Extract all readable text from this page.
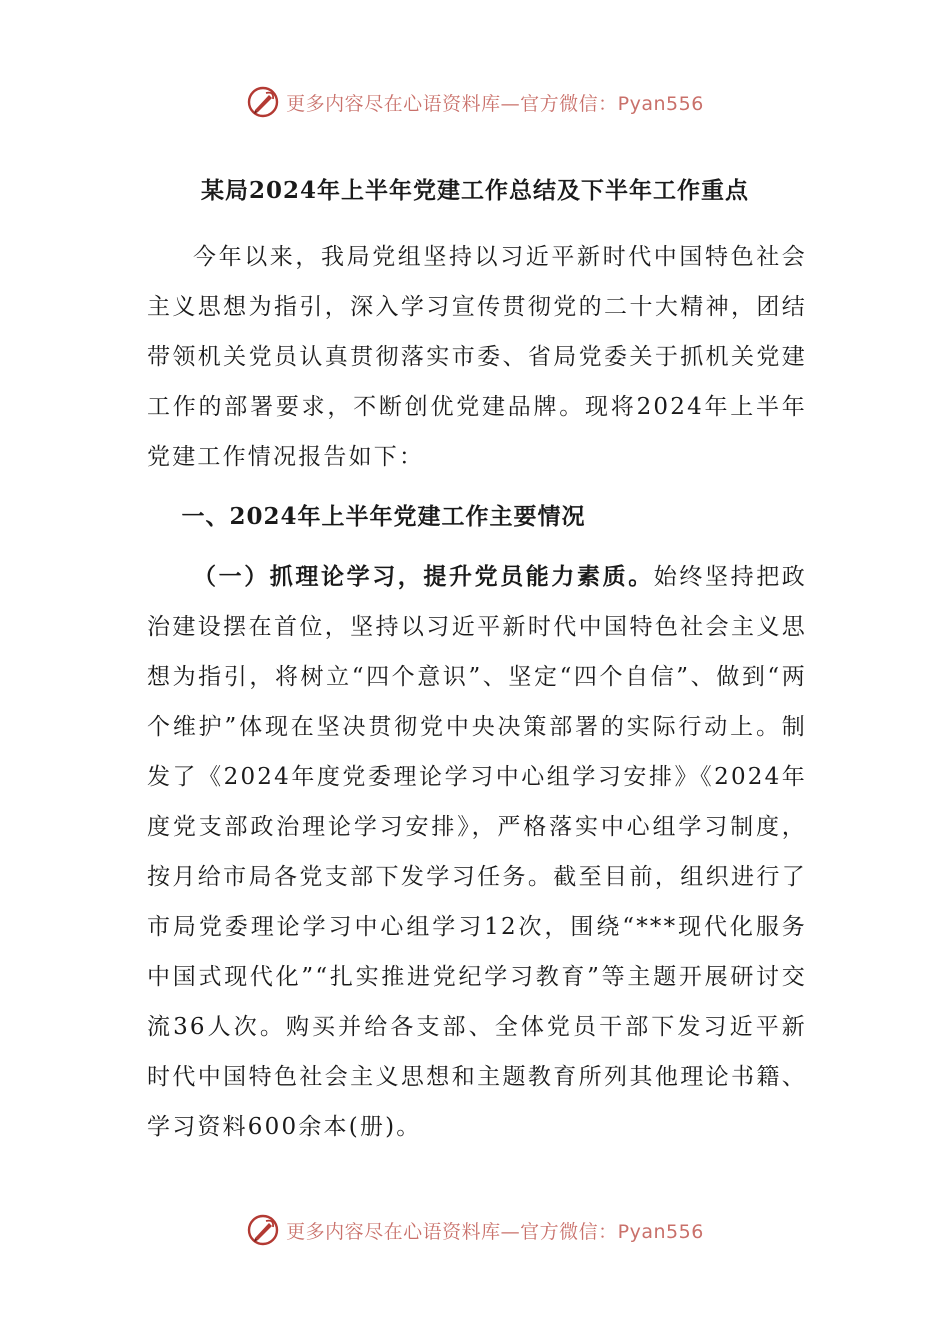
更多内容尽在心语资料库—官方微信：Pyan556
某局2024年上半年党建工作总结及下半年工作重点

今年以来，我局党组坚持以习近平新时代中国特色社会主义思想为指引，深入学习宣传贯彻党的二十大精神，团结带领机关党员认真贯彻落实市委、省局党委关于抓机关党建工作的部署要求，不断创优党建品牌。现将2024年上半年党建工作情况报告如下：

一、2024年上半年党建工作主要情况

（一）抓理论学习，提升党员能力素质。始终坚持把政治建设摆在首位，坚持以习近平新时代中国特色社会主义思想为指引，将树立“四个意识”、坚定“四个自信”、做到“两个维护”体现在坚决贯彻党中央决策部署的实际行动上。制发了《2024年度党委理论学习中心组学习安排》《2024年度党支部政治理论学习安排》，严格落实中心组学习制度，按月给市局各党支部下发学习任务。截至目前，组织进行了市局党委理论学习中心组学习12次，围绕“***现代化服务中国式现代化”“扎实推进党纪学习教育”等主题开展研讨交流36人次。购买并给各支部、全体党员干部下发习近平新时代中国特色社会主义思想和主题教育所列其他理论书籍、学习资料600余本(册)。

更多内容尽在心语资料库—官方微信：Pyan556
